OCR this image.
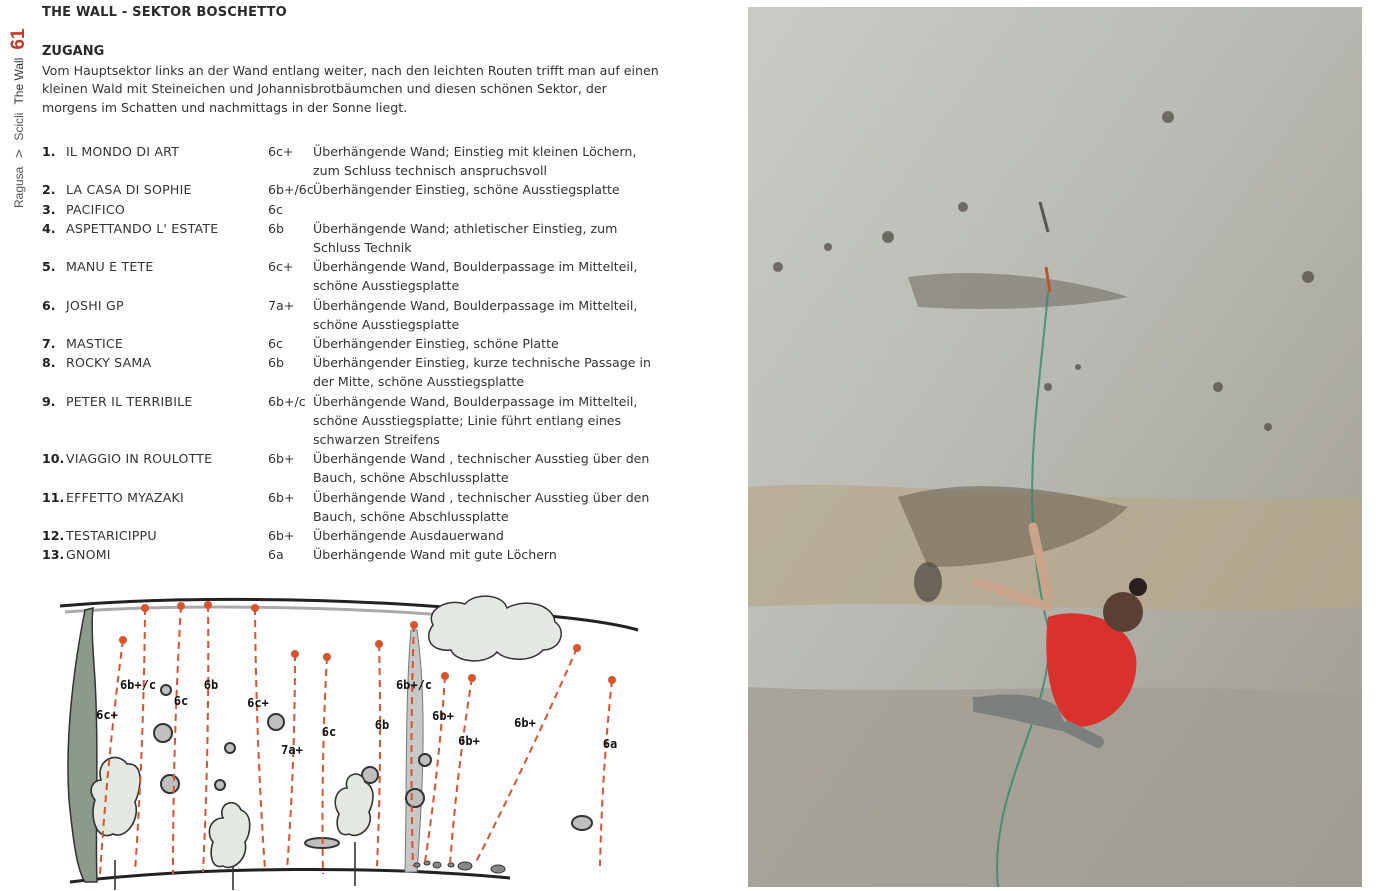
Ragusa
>
Scicli
The Wall
61
THE WALL - SEKTOR BOSCHETTO
ZUGANG
Vom Hauptsektor links an der Wand entlang weiter, nach den leichten Routen trifft man auf einen kleinen Wald mit Steineichen und Johannisbrotbäumchen und diesen schönen Sektor, der morgens im Schatten und nachmittags in der Sonne liegt.
1. IL MONDO DI ART	6c+	Überhängende Wand; Einstieg mit kleinen Löchern, zum Schluss technisch anspruchsvoll
2. LA CASA DI SOPHIE	6b+/6c Überhängender Einstieg, schöne Ausstiegsplatte
3. PACIFICO	6c
4. ASPETTANDO L' ESTATE	6b	Überhängende Wand; athletischer Einstieg, zum Schluss Technik
5. MANU E TETE	6c+	Überhängende Wand, Boulderpassage im Mittelteil, schöne Ausstiegsplatte
6. JOSHI GP	7a+	Überhängende Wand, Boulderpassage im Mittelteil, schöne Ausstiegsplatte
7. MASTICE	6c	Überhängender Einstieg, schöne Platte
8. ROCKY SAMA	6b	Überhängender Einstieg, kurze technische Passage in der Mitte, schöne Ausstiegsplatte
9. PETER IL TERRIBILE	6b+/c Überhängende Wand, Boulderpassage im Mittelteil, schöne Ausstiegsplatte; Linie führt entlang eines schwarzen Streifens
10. VIAGGIO IN ROULOTTE	6b+	Überhängende Wand , technischer Ausstieg über den Bauch, schöne Abschlussplatte
11. EFFETTO MYAZAKI	6b+	Überhängende Wand , technischer Ausstieg über den Bauch, schöne Abschlussplatte
12. TESTARICIPPU	6b+	Überhängende Ausdauerwand
13. GNOMI	6a	Überhängende Wand mit gute Löchern
6c+
6b+/c
6c
6b
6c+
7a+
6c	6b
6b+/c
6b+
6b+
6b+
6a
